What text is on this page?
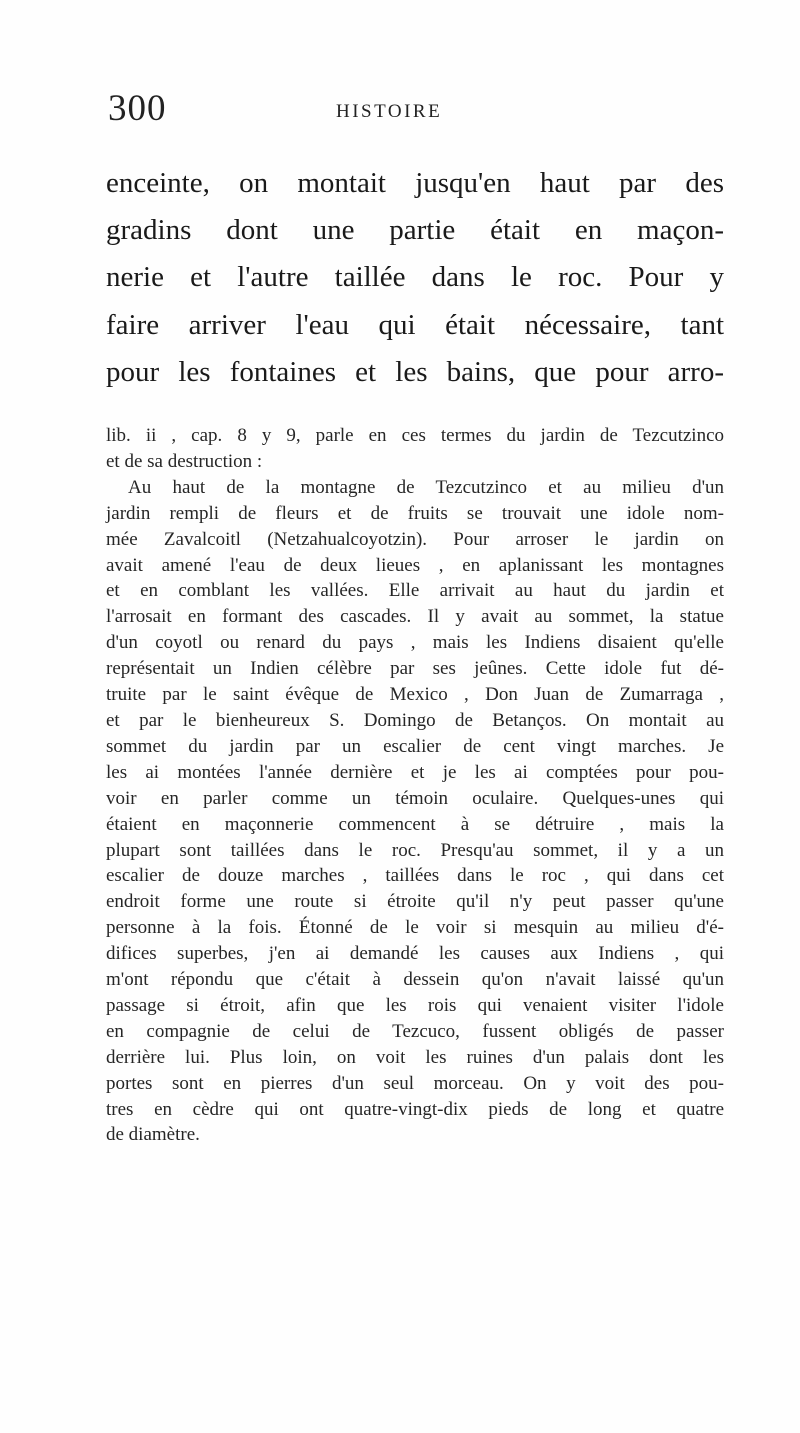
300	HISTOIRE
enceinte, on montait jusqu'en haut par des
gradins dont une partie était en maçon-
nerie et l'autre taillée dans le roc. Pour y
faire arriver l'eau qui était nécessaire, tant
pour les fontaines et les bains, que pour arro-
lib. ii , cap. 8 y 9, parle en ces termes du jardin de Tezcutzinco
et de sa destruction :
Au haut de la montagne de Tezcutzinco et au milieu d'un
jardin rempli de fleurs et de fruits se trouvait une idole nom-
mée Zavalcoitl (Netzahualcoyotzin). Pour arroser le jardin on
avait amené l'eau de deux lieues , en aplanissant les montagnes
et en comblant les vallées. Elle arrivait au haut du jardin et
l'arrosait en formant des cascades. Il y avait au sommet, la statue
d'un coyotl ou renard du pays , mais les Indiens disaient qu'elle
représentait un Indien célèbre par ses jeûnes. Cette idole fut dé-
truite par le saint évêque de Mexico , Don Juan de Zumarraga ,
et par le bienheureux S. Domingo de Betanços. On montait au
sommet du jardin par un escalier de cent vingt marches. Je
les ai montées l'année dernière et je les ai comptées pour pou-
voir en parler comme un témoin oculaire. Quelques-unes qui
étaient en maçonnerie commencent à se détruire , mais la
plupart sont taillées dans le roc. Presqu'au sommet, il y a un
escalier de douze marches , taillées dans le roc , qui dans cet
endroit forme une route si étroite qu'il n'y peut passer qu'une
personne à la fois. Étonné de le voir si mesquin au milieu d'é-
difices superbes, j'en ai demandé les causes aux Indiens , qui
m'ont répondu que c'était à dessein qu'on n'avait laissé qu'un
passage si étroit, afin que les rois qui venaient visiter l'idole
en compagnie de celui de Tezcuco, fussent obligés de passer
derrière lui. Plus loin, on voit les ruines d'un palais dont les
portes sont en pierres d'un seul morceau. On y voit des pou-
tres en cèdre qui ont quatre-vingt-dix pieds de long et quatre
de diamètre.
